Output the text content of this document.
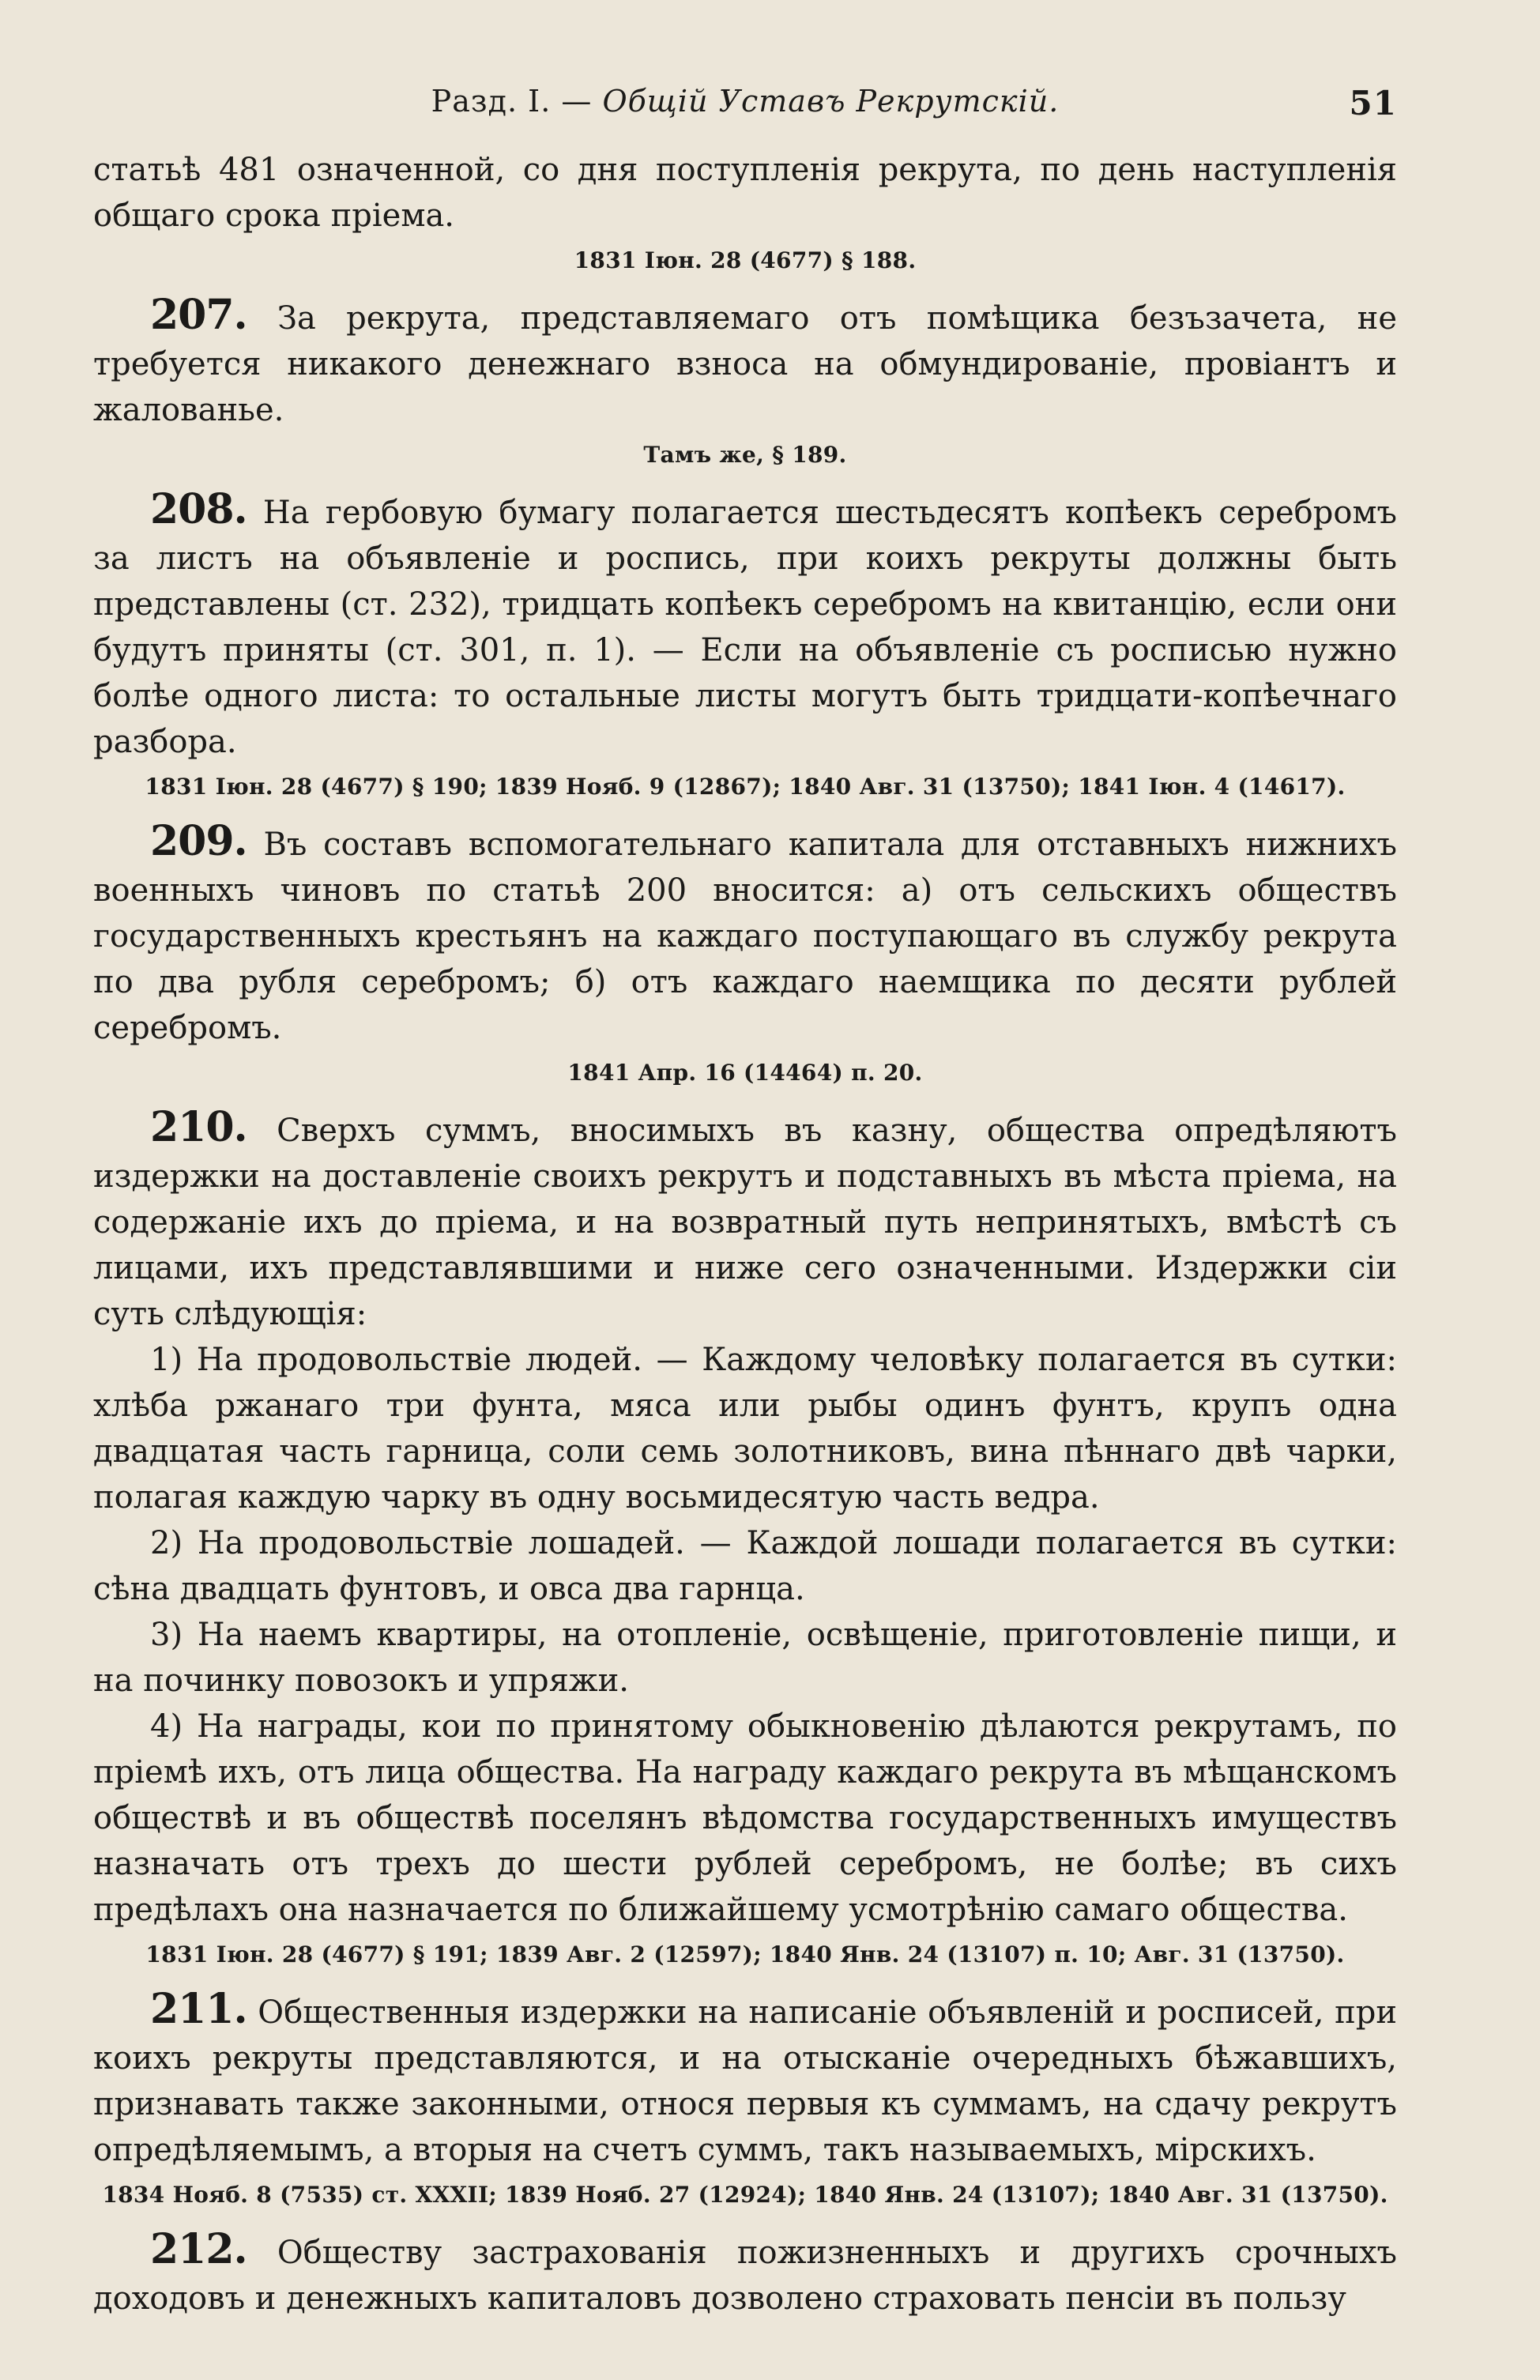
Разд. I. — Общій Уставъ Рекрутскій.	51

статьѣ 481 означенной, со дня поступленія рекрута, по день наступленія общаго срока пріема.

1831 Іюн. 28 (4677) § 188.

207. За рекрута, представляемаго отъ помѣщика безъзачета, не требуется никакого денежнаго взноса на обмундированіе, провіантъ и жалованье.

Тамъ же, § 189.

208. На гербовую бумагу полагается шестьдесятъ копѣекъ серебромъ за листъ на объявленіе и роспись, при коихъ рекруты должны быть представлены (ст. 232), тридцать копѣекъ серебромъ на квитанцію, если они будутъ приняты (ст. 301, п. 1). — Если на объявленіе съ росписью нужно болѣе одного листа: то остальные листы могутъ быть тридцати-копѣечнаго разбора.

1831 Іюн. 28 (4677) § 190; 1839 Нояб. 9 (12867); 1840 Авг. 31 (13750); 1841 Іюн. 4 (14617).

209. Въ составъ вспомогательнаго капитала для отставныхъ нижнихъ военныхъ чиновъ по статьѣ 200 вносится: а) отъ сельскихъ обществъ государственныхъ крестьянъ на каждаго поступающаго въ службу рекрута по два рубля серебромъ; б) отъ каждаго наемщика по десяти рублей серебромъ.

1841 Апр. 16 (14464) п. 20.

210. Сверхъ суммъ, вносимыхъ въ казну, общества опредѣляютъ издержки на доставленіе своихъ рекрутъ и подставныхъ въ мѣста пріема, на содержаніе ихъ до пріема, и на возвратный путь непринятыхъ, вмѣстѣ съ лицами, ихъ представлявшими и ниже сего означенными. Издержки сіи суть слѣдующія:

1) На продовольствіе людей. — Каждому человѣку полагается въ сутки: хлѣба ржанаго три фунта, мяса или рыбы одинъ фунтъ, крупъ одна двадцатая часть гарница, соли семь золотниковъ, вина пѣннаго двѣ чарки, полагая каждую чарку въ одну восьмидесятую часть ведра.

2) На продовольствіе лошадей. — Каждой лошади полагается въ сутки: сѣна двадцать фунтовъ, и овса два гарнца.

3) На наемъ квартиры, на отопленіе, освѣщеніе, приготовленіе пищи, и на починку повозокъ и упряжи.

4) На награды, кои по принятому обыкновенію дѣлаются рекрутамъ, по пріемѣ ихъ, отъ лица общества. На награду каждаго рекрута въ мѣщанскомъ обществѣ и въ обществѣ поселянъ вѣдомства государственныхъ имуществъ назначать отъ трехъ до шести рублей серебромъ, не болѣе; въ сихъ предѣлахъ она назначается по ближайшему усмотрѣнію самаго общества.

1831 Іюн. 28 (4677) § 191; 1839 Авг. 2 (12597); 1840 Янв. 24 (13107) п. 10; Авг. 31 (13750).

211. Общественныя издержки на написаніе объявленій и росписей, при коихъ рекруты представляются, и на отысканіе очередныхъ бѣжавшихъ, признавать также законными, относя первыя къ суммамъ, на сдачу рекрутъ опредѣляемымъ, а вторыя на счетъ суммъ, такъ называемыхъ, мірскихъ.

1834 Нояб. 8 (7535) ст. XXXII; 1839 Нояб. 27 (12924); 1840 Янв. 24 (13107); 1840 Авг. 31 (13750).

212. Обществу застрахованія пожизненныхъ и другихъ срочныхъ доходовъ и денежныхъ капиталовъ дозволено страховать пенсіи въ пользу
